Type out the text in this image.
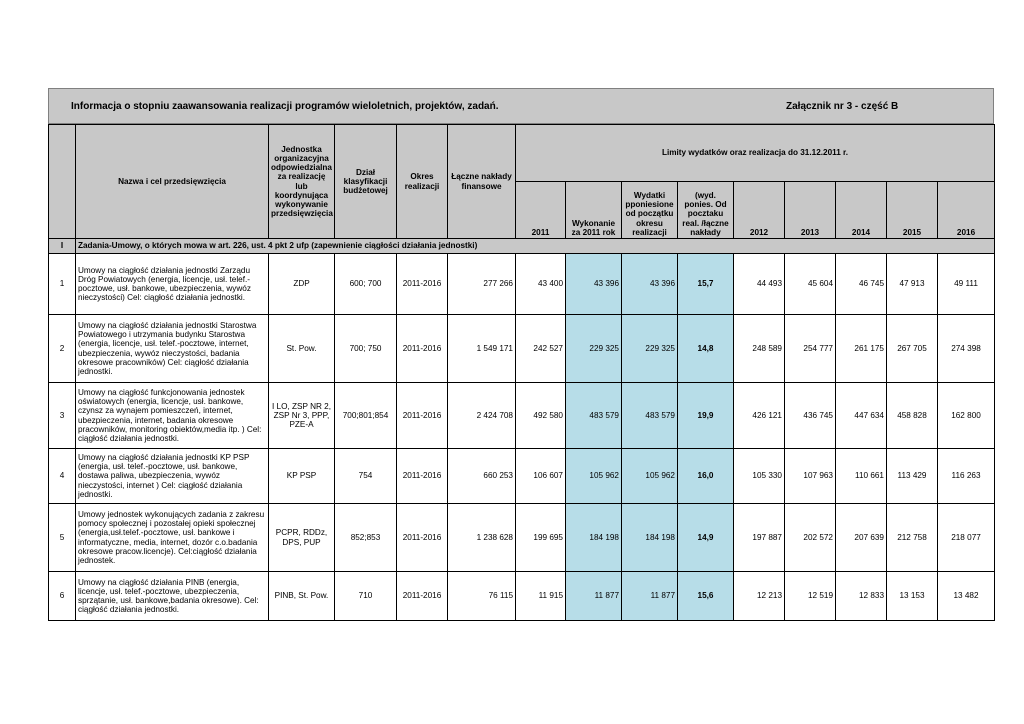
Informacja o stopniu zaawansowania realizacji programów wieloletnich, projektów, zadań.	Załącznik nr 3 - część B
	Nazwa i cel przedsięwzięcia	Jednostka organizacyjna odpowiedzialna za realizację lub koordynująca wykonywanie przedsięwzięcia	Dział klasyfikacji budżetowej	Okres realizacji	Łączne nakłady finansowe	Limity wydatków oraz realizacja do 31.12.2011 r.								
						2011	Wykonanie za 2011 rok	Wydatki pponiesione od początku okresu realizacji	(wyd. ponies. Od pocztaku real. /łączne nakłady	2012	2013	2014	2015	2016
I	Zadania-Umowy, o których mowa w art. 226, ust. 4 pkt 2 ufp (zapewnienie ciągłości działania jednostki)													
1	Umowy na ciągłość działania jednostki Zarządu Dróg Powiatowych (energia, licencje, usł. telef.- pocztowe, usł. bankowe, ubezpieczenia, wywóz nieczystości) Cel: ciągłość działania jednostki.	ZDP	600; 700	2011-2016	277 266	43 400	43 396	43 396	15,7	44 493	45 604	46 745	47 913	49 111
2	Umowy na ciągłość działania jednostki Starostwa Powiatowego i utrzymania budynku Starostwa (energia, licencje, usł. telef.-pocztowe, internet, ubezpieczenia, wywóz nieczystości, badania okresowe pracowników) Cel: ciągłość działania jednostki.	St. Pow.	700; 750	2011-2016	1 549 171	242 527	229 325	229 325	14,8	248 589	254 777	261 175	267 705	274 398
3	Umowy na ciągłość funkcjonowania jednostek oświatowych (energia, licencje, usł. bankowe, czynsz za wynajem pomieszczeń, internet, ubezpieczenia, internet, badania okresowe pracowników, monitoring obiektów,media itp. ) Cel: ciągłość działania jednostki.	I LO, ZSP NR 2, ZSP Nr 3, PPP, PZE-A	700;801;854	2011-2016	2 424 708	492 580	483 579	483 579	19,9	426 121	436 745	447 634	458 828	162 800
4	Umowy na ciągłość działania jednostki KP PSP (energia, usł. telef.-pocztowe, usł. bankowe, dostawa paliwa, ubezpieczenia, wywóz nieczystości, internet ) Cel: ciągłość działania jednostki.	KP PSP	754	2011-2016	660 253	106 607	105 962	105 962	16,0	105 330	107 963	110 661	113 429	116 263
5	Umowy jednostek wykonujących zadania z zakresu pomocy społecznej i pozostałej opieki społecznej (energia,usł.telef.-pocztowe, usł. bankowe i informatyczne, media, internet, dozór c.o.badania okresowe pracow.licencje). Cel:ciągłość działania jednostek.	PCPR, RDDz, DPS, PUP	852;853	2011-2016	1 238 628	199 695	184 198	184 198	14,9	197 887	202 572	207 639	212 758	218 077
6	Umowy na ciągłość działania PINB (energia, licencje, usł. telef.-pocztowe, ubezpieczenia, sprzątanie, usł. bankowe,badania okresowe). Cel: ciągłość działania jednostki.	PINB, St. Pow.	710	2011-2016	76 115	11 915	11 877	11 877	15,6	12 213	12 519	12 833	13 153	13 482
